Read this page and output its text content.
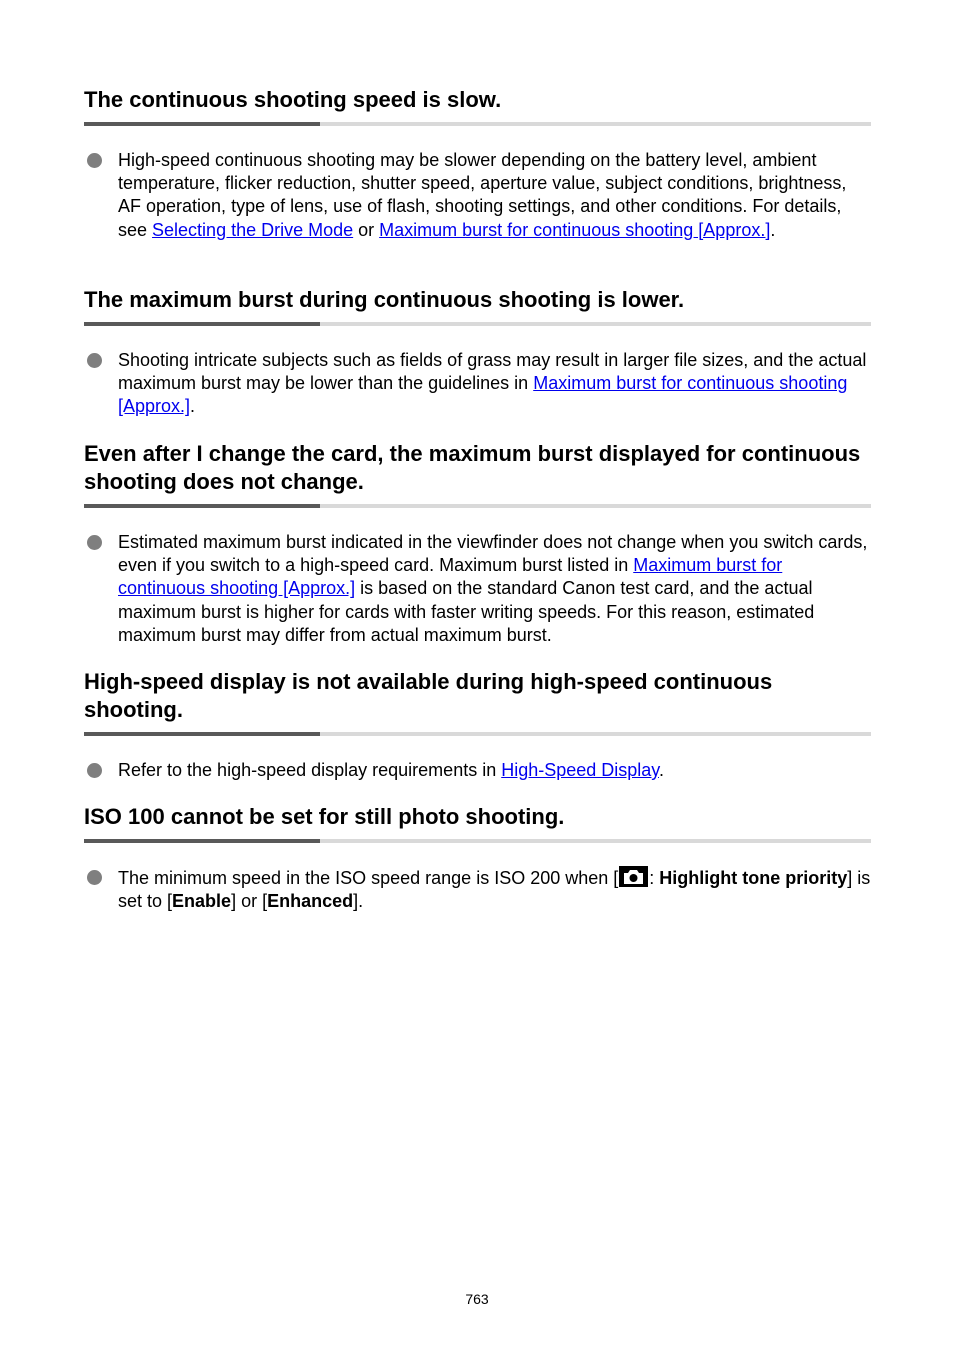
The continuous shooting speed is slow.
High-speed continuous shooting may be slower depending on the battery level, ambient temperature, flicker reduction, shutter speed, aperture value, subject conditions, brightness, AF operation, type of lens, use of flash, shooting settings, and other conditions. For details, see Selecting the Drive Mode or Maximum burst for continuous shooting [Approx.].
The maximum burst during continuous shooting is lower.
Shooting intricate subjects such as fields of grass may result in larger file sizes, and the actual maximum burst may be lower than the guidelines in Maximum burst for continuous shooting [Approx.].
Even after I change the card, the maximum burst displayed for continuous shooting does not change.
Estimated maximum burst indicated in the viewfinder does not change when you switch cards, even if you switch to a high-speed card. Maximum burst listed in Maximum burst for continuous shooting [Approx.] is based on the standard Canon test card, and the actual maximum burst is higher for cards with faster writing speeds. For this reason, estimated maximum burst may differ from actual maximum burst.
High-speed display is not available during high-speed continuous shooting.
Refer to the high-speed display requirements in High-Speed Display.
ISO 100 cannot be set for still photo shooting.
The minimum speed in the ISO speed range is ISO 200 when [ : Highlight tone priority] is set to [Enable] or [Enhanced].
763
